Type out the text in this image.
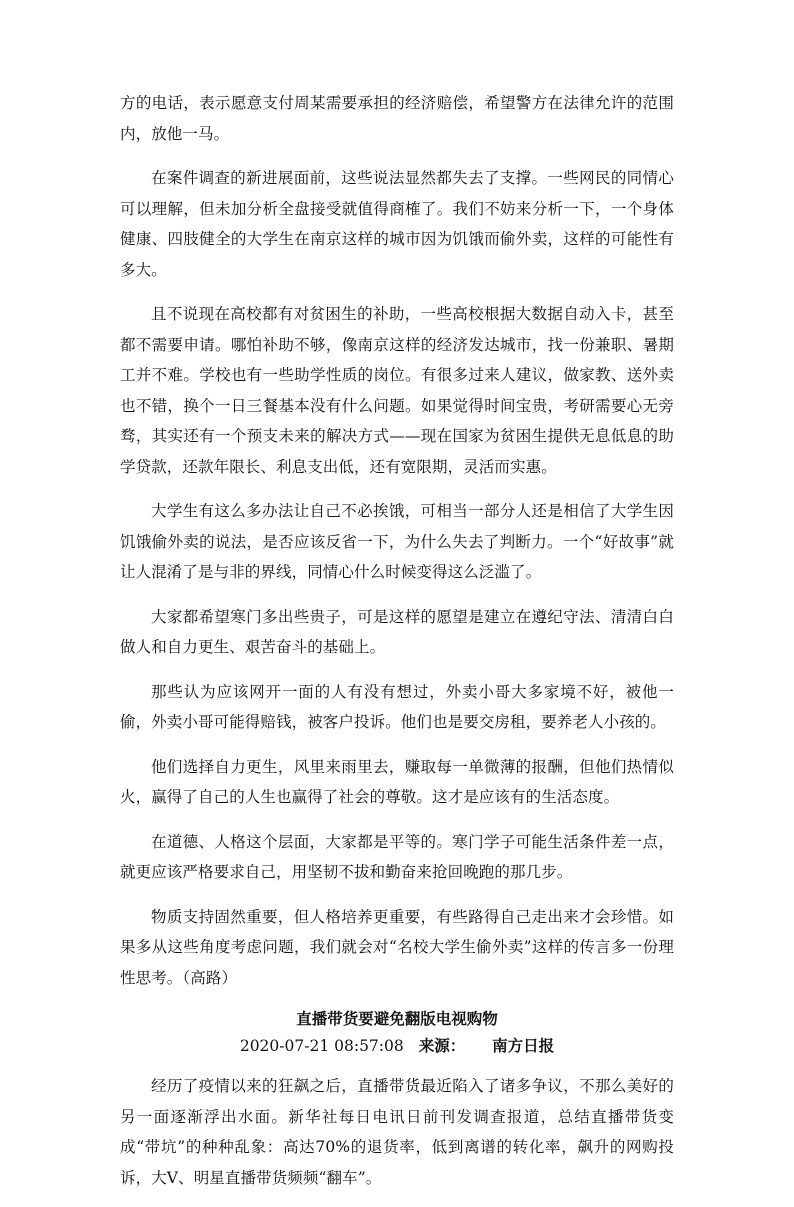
方的电话，表示愿意支付周某需要承担的经济赔偿，希望警方在法律允许的范围内，放他一马。

在案件调查的新进展面前，这些说法显然都失去了支撑。一些网民的同情心可以理解，但未加分析全盘接受就值得商榷了。我们不妨来分析一下，一个身体健康、四肢健全的大学生在南京这样的城市因为饥饿而偷外卖，这样的可能性有多大。

且不说现在高校都有对贫困生的补助，一些高校根据大数据自动入卡，甚至都不需要申请。哪怕补助不够，像南京这样的经济发达城市，找一份兼职、暑期工并不难。学校也有一些助学性质的岗位。有很多过来人建议，做家教、送外卖也不错，换个一日三餐基本没有什么问题。如果觉得时间宝贵，考研需要心无旁骛，其实还有一个预支未来的解决方式——现在国家为贫困生提供无息低息的助学贷款，还款年限长、利息支出低，还有宽限期，灵活而实惠。

大学生有这么多办法让自己不必挨饿，可相当一部分人还是相信了大学生因饥饿偷外卖的说法，是否应该反省一下，为什么失去了判断力。一个“好故事”就让人混淆了是与非的界线，同情心什么时候变得这么泛滥了。

大家都希望寒门多出些贵子，可是这样的愿望是建立在遵纪守法、清清白白做人和自力更生、艰苦奋斗的基础上。

那些认为应该网开一面的人有没有想过，外卖小哥大多家境不好，被他一偷，外卖小哥可能得赔钱，被客户投诉。他们也是要交房租，要养老人小孩的。

他们选择自力更生，风里来雨里去，赚取每一单微薄的报酬，但他们热情似火，赢得了自己的人生也赢得了社会的尊敬。这才是应该有的生活态度。

在道德、人格这个层面，大家都是平等的。寒门学子可能生活条件差一点，就更应该严格要求自己，用坚韧不拔和勤奋来抢回晚跑的那几步。

物质支持固然重要，但人格培养更重要，有些路得自己走出来才会珍惜。如果多从这些角度考虑问题，我们就会对“名校大学生偷外卖”这样的传言多一份理性思考。（高路）

直播带货要避免翻版电视购物
2020-07-21 08:57:08 来源： 南方日报

经历了疫情以来的狂飙之后，直播带货最近陷入了诸多争议，不那么美好的另一面逐渐浮出水面。新华社每日电讯日前刊发调查报道，总结直播带货变成“带坑”的种种乱象：高达70%的退货率，低到离谱的转化率，飙升的网购投诉，大V、明星直播带货频频“翻车”。
